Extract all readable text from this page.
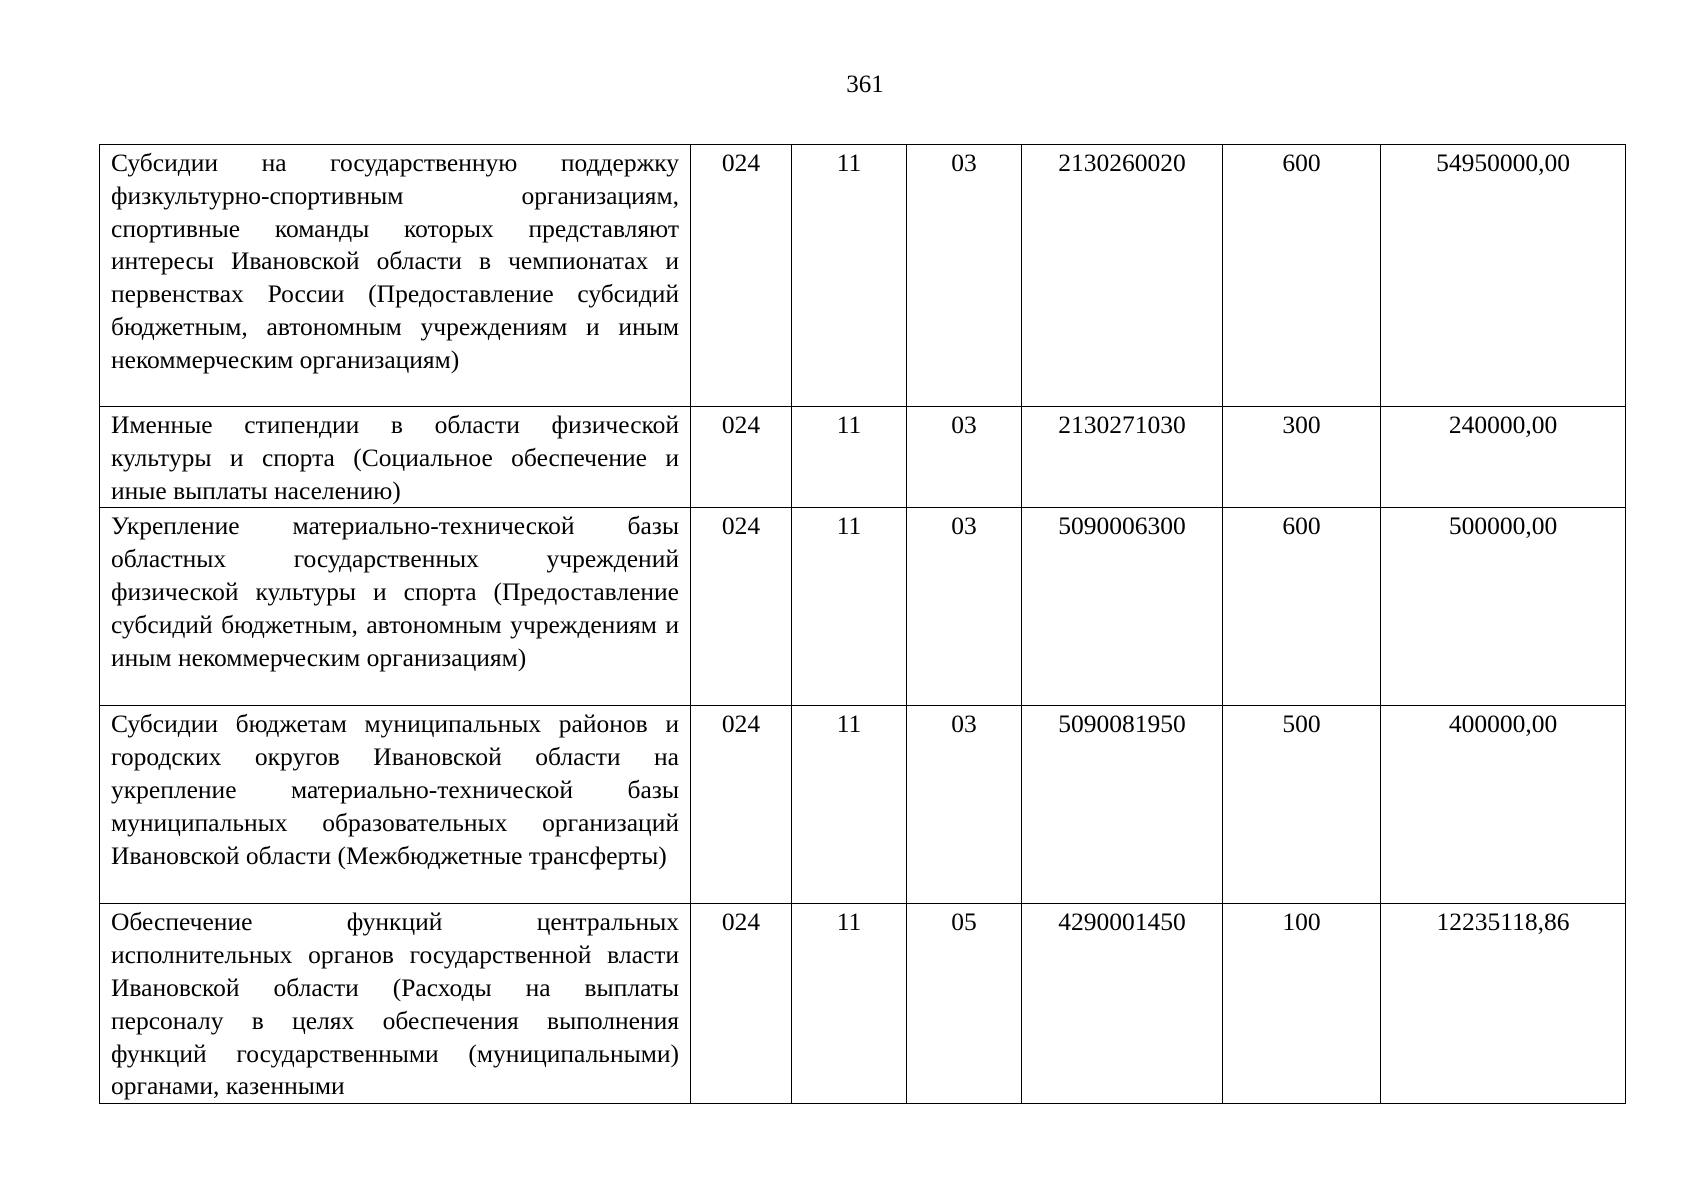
361
Субсидии на государственную поддержку физкультурно-спортивным организациям, спортивные команды которых представляют интересы Ивановской области в чемпионатах и первенствах России (Предоставление субсидий бюджетным, автономным учреждениям и иным некоммерческим организациям)	024	11	03	2130260020	600	54950000,00
Именные стипендии в области физической культуры и спорта (Социальное обеспечение и иные выплаты населению)	024	11	03	2130271030	300	240000,00
Укрепление материально-технической базы областных государственных учреждений физической культуры и спорта (Предоставление субсидий бюджетным, автономным учреждениям и иным некоммерческим организациям)	024	11	03	5090006300	600	500000,00
Субсидии бюджетам муниципальных районов и городских округов Ивановской области на укрепление материально-технической базы муниципальных образовательных организаций Ивановской области (Межбюджетные трансферты)	024	11	03	5090081950	500	400000,00
Обеспечение функций центральных исполнительных органов государственной власти Ивановской области (Расходы на выплаты персоналу в целях обеспечения выполнения функций государственными (муниципальными) органами, казенными	024	11	05	4290001450	100	12235118,86
